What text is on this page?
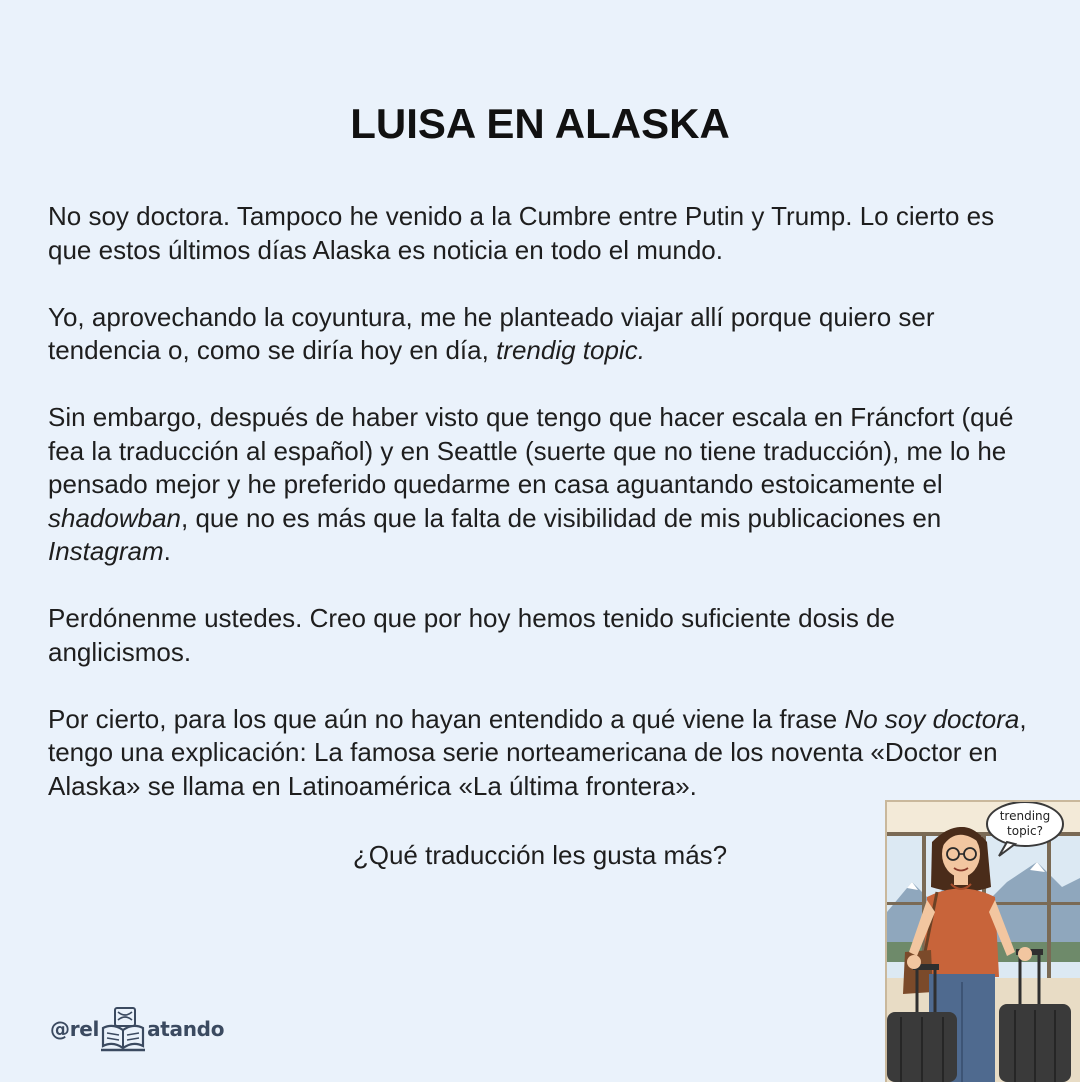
LUISA EN ALASKA

No soy doctora. Tampoco he venido a la Cumbre entre Putin y Trump. Lo cierto es que estos últimos días Alaska es noticia en todo el mundo.

Yo, aprovechando la coyuntura, me he planteado viajar allí porque quiero ser tendencia o, como se diría hoy en día, trendig topic.

Sin embargo, después de haber visto que tengo que hacer escala en Fráncfort (qué fea la traducción al español) y en Seattle (suerte que no tiene traducción), me lo he pensado mejor y he preferido quedarme en casa aguantando estoicamente el shadowban, que no es más que la falta de visibilidad de mis publicaciones en Instagram.

Perdónenme ustedes. Creo que por hoy hemos tenido suficiente dosis de anglicismos.

Por cierto, para los que aún no hayan entendido a qué viene la frase No soy doctora, tengo una explicación: La famosa serie norteamericana de los noventa «Doctor en Alaska» se llama en Latinoamérica «La última frontera».

¿Qué traducción les gusta más?
@rel atando
trending
topic?
